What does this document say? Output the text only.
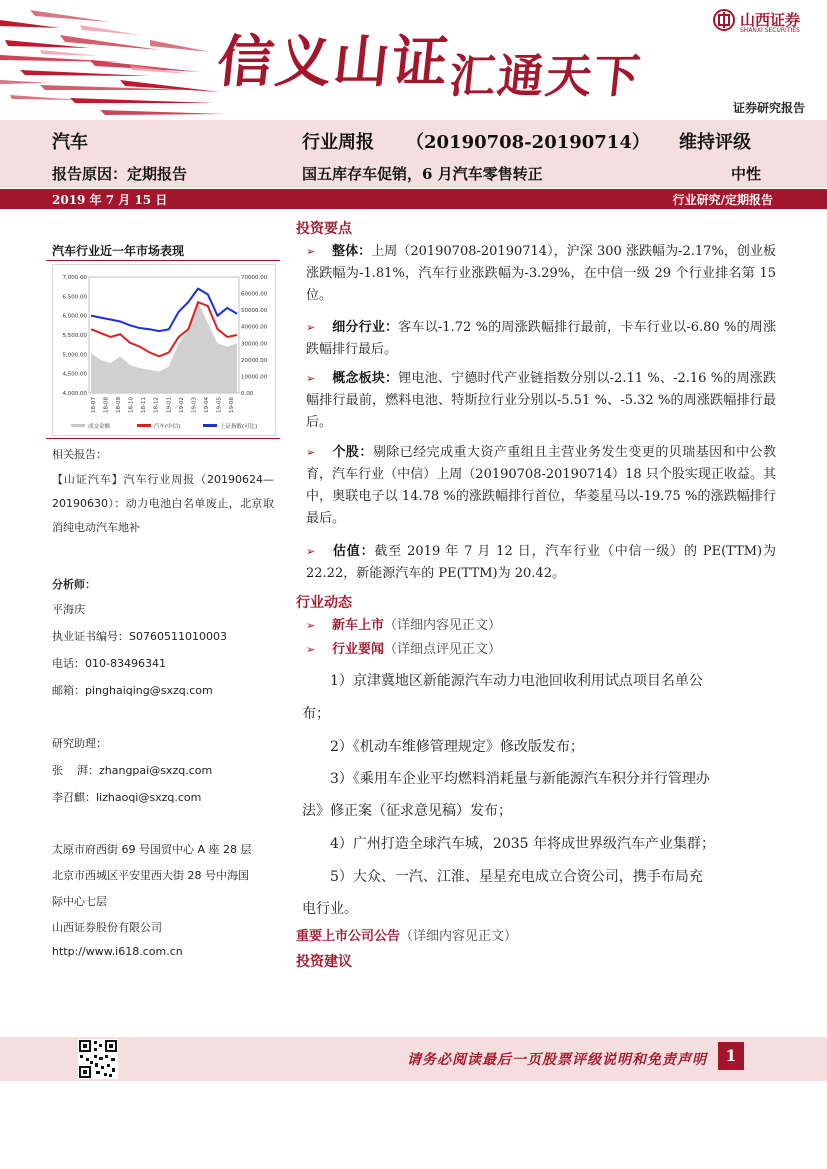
信义山证
汇通天下
山西证券
SHANXI SECURITIES
证券研究报告
汽车	行业周报 （20190708-20190714） 维持评级
报告原因：定期报告	国五库存车促销，6 月汽车零售转正	中性
2019 年 7 月 15 日	行业研究/定期报告
汽车行业近一年市场表现
7,000.00
6,500.00
6,000.00
5,500.00
5,000.00
4,500.00
4,000.00
70000.00
60000.00
50000.00
40000.00
30000.00
20000.00
10000.00
0.00
18-07 18-08 18-09 18-10 18-11 18-12 19-01 19-02 19-03 19-04 19-05 19-06
成交金额	汽车(中信)	上证指数(可比)
相关报告：
【山证汽车】汽车行业周报（20190624—20190630）：动力电池白名单废止，北京取消纯电动汽车地补
分析师：
平海庆
执业证书编号：S0760511010003
电话：010-83496341
邮箱：pinghaiqing@sxzq.com
研究助理：
张    湃：zhangpai@sxzq.com
李召麒：lizhaoqi@sxzq.com
太原市府西街 69 号国贸中心 A 座 28 层
北京市西城区平安里西大街 28 号中海国
际中心七层
山西证券股份有限公司
http://www.i618.com.cn
投资要点
➢ 整体：上周（20190708-20190714），沪深 300 涨跌幅为-2.17%，创业板涨跌幅为-1.81%，汽车行业涨跌幅为-3.29%，在中信一级 29 个行业排名第 15 位。
➢ 细分行业：客车以-1.72 %的周涨跌幅排行最前，卡车行业以-6.80 %的周涨跌幅排行最后。
➢ 概念板块：锂电池、宁德时代产业链指数分别以-2.11 %、-2.16 %的周涨跌幅排行最前，燃料电池、特斯拉行业分别以-5.51 %、-5.32 %的周涨跌幅排行最后。
➢ 个股：剔除已经完成重大资产重组且主营业务发生变更的贝瑞基因和中公教育，汽车行业（中信）上周（20190708-20190714）18 只个股实现正收益。其中，奥联电子以 14.78 %的涨跌幅排行首位，华菱星马以-19.75 %的涨跌幅排行最后。
➢ 估值：截至 2019 年 7 月 12 日，汽车行业（中信一级）的 PE(TTM)为 22.22，新能源汽车的 PE(TTM)为 20.42。
行业动态
➢ 新车上市（详细内容见正文）
➢ 行业要闻（详细点评见正文）
1）京津冀地区新能源汽车动力电池回收利用试点项目名单公
布；
2）《机动车维修管理规定》修改版发布；
3）《乘用车企业平均燃料消耗量与新能源汽车积分并行管理办
法》修正案（征求意见稿）发布；
4）广州打造全球汽车城，2035 年将成世界级汽车产业集群；
5）大众、一汽、江淮、星星充电成立合资公司，携手布局充
电行业。
重要上市公司公告（详细内容见正文）
投资建议
请务必阅读最后一页股票评级说明和免责声明	1
